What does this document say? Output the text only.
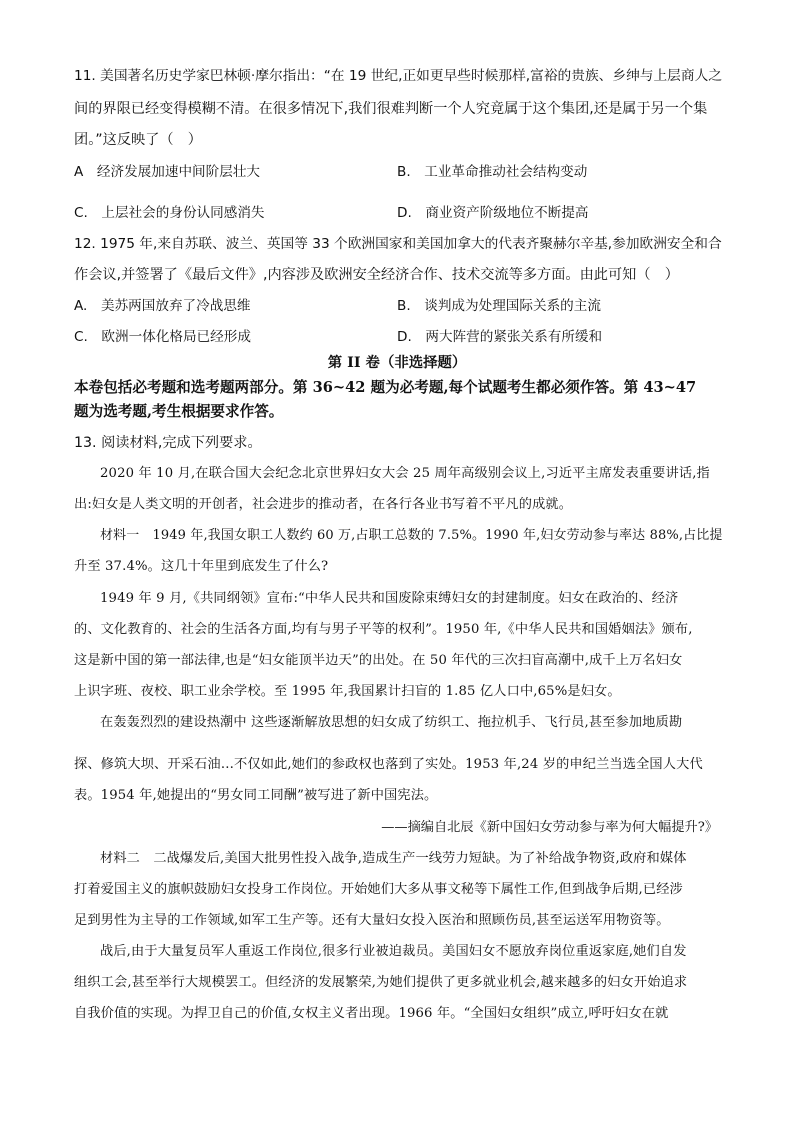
11. 美国著名历史学家巴林顿·摩尔指出：“在 19 世纪,正如更早些时候那样,富裕的贵族、乡绅与上层商人之
间的界限已经变得模糊不清。在很多情况下,我们很难判断一个人究竟属于这个集团,还是属于另一个集
团。”这反映了（　）
A　经济发展加速中间阶层壮大	B.　工业革命推动社会结构变动
C.　上层社会的身份认同感消失	D.　商业资产阶级地位不断提高
12. 1975 年,来自苏联、波兰、英国等 33 个欧洲国家和美国加拿大的代表齐聚赫尔辛基,参加欧洲安全和合
作会议,并签署了《最后文件》,内容涉及欧洲安全经济合作、技术交流等多方面。由此可知（　）
A.　美苏两国放弃了冷战思维	B.　谈判成为处理国际关系的主流
C.　欧洲一体化格局已经形成	D.　两大阵营的紧张关系有所缓和
第 II 卷（非选择题）
本卷包括必考题和选考题两部分。第 36~42 题为必考题,每个试题考生都必须作答。第 43~47
题为选考题,考生根据要求作答。
13. 阅读材料,完成下列要求。
2020 年 10 月,在联合国大会纪念北京世界妇女大会 25 周年高级别会议上,习近平主席发表重要讲话,指
出:妇女是人类文明的开创者，社会进步的推动者，在各行各业书写着不平凡的成就。
材料一　1949 年,我国女职工人数约 60 万,占职工总数的 7.5%。1990 年,妇女劳动参与率达 88%,占比提
升至 37.4%。这几十年里到底发生了什么?
1949 年 9 月,《共同纲领》宣布:“中华人民共和国废除束缚妇女的封建制度。妇女在政治的、经济
的、文化教育的、社会的生活各方面,均有与男子平等的权利”。1950 年,《中华人民共和国婚姻法》颁布,
这是新中国的第一部法律,也是“妇女能顶半边天”的出处。在 50 年代的三次扫盲高潮中,成千上万名妇女
上识字班、夜校、职工业余学校。至 1995 年,我国累计扫盲的 1.85 亿人口中,65%是妇女。
在轰轰烈烈的建设热潮中 这些逐渐解放思想的妇女成了纺织工、拖拉机手、飞行员,甚至参加地质勘
探、修筑大坝、开采石油…不仅如此,她们的参政权也落到了实处。1953 年,24 岁的申纪兰当选全国人大代
表。1954 年,她提出的“男女同工同酬”被写进了新中国宪法。
——摘编自北辰《新中国妇女劳动参与率为何大幅提升?》
材料二　二战爆发后,美国大批男性投入战争,造成生产一线劳力短缺。为了补给战争物资,政府和媒体
打着爱国主义的旗帜鼓励妇女投身工作岗位。开始她们大多从事文秘等下属性工作,但到战争后期,已经涉
足到男性为主导的工作领域,如军工生产等。还有大量妇女投入医治和照顾伤员,甚至运送军用物资等。
战后,由于大量复员军人重返工作岗位,很多行业被迫裁员。美国妇女不愿放弃岗位重返家庭,她们自发
组织工会,甚至举行大规模罢工。但经济的发展繁荣,为她们提供了更多就业机会,越来越多的妇女开始追求
自我价值的实现。为捍卫自己的价值,女权主义者出现。1966 年。“全国妇女组织”成立,呼吁妇女在就
